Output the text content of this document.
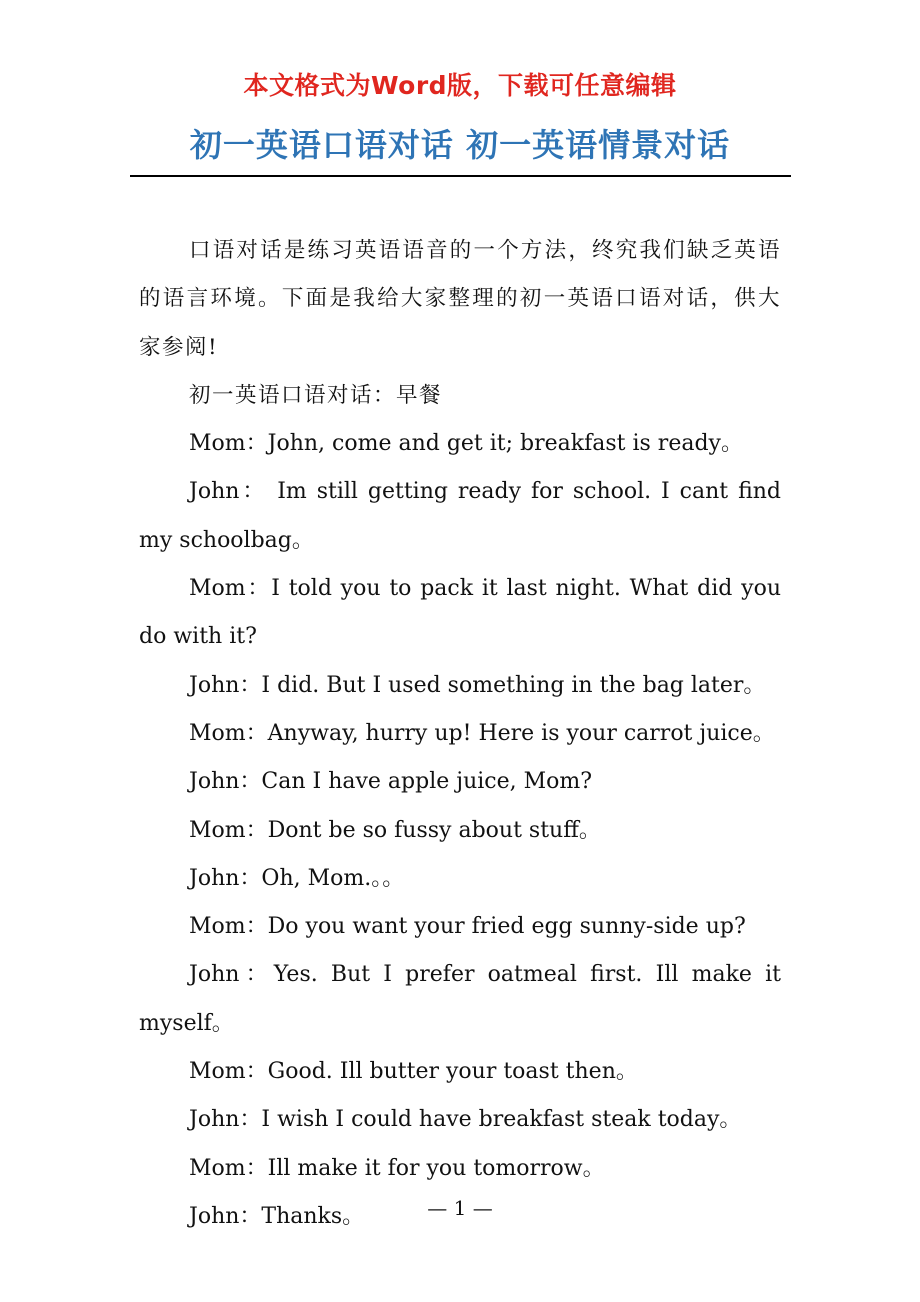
本文格式为Word版，下载可任意编辑
初一英语口语对话 初一英语情景对话

口语对话是练习英语语音的一个方法，终究我们缺乏英语的语言环境。下面是我给大家整理的初一英语口语对话，供大家参阅!

初一英语口语对话：早餐

Mom：John, come and get it; breakfast is ready。

John： Im still getting ready for school. I cant find my schoolbag。

Mom：I told you to pack it last night. What did you do with it?

John：I did. But I used something in the bag later。

Mom：Anyway, hurry up! Here is your carrot juice。

John：Can I have apple juice, Mom?

Mom：Dont be so fussy about stuff。

John：Oh, Mom.。。

Mom：Do you want your fried egg sunny-side up?

John：Yes. But I prefer oatmeal first. Ill make it myself。

Mom：Good. Ill butter your toast then。

John：I wish I could have breakfast steak today。

Mom：Ill make it for you tomorrow。

John：Thanks。	— 1 —
